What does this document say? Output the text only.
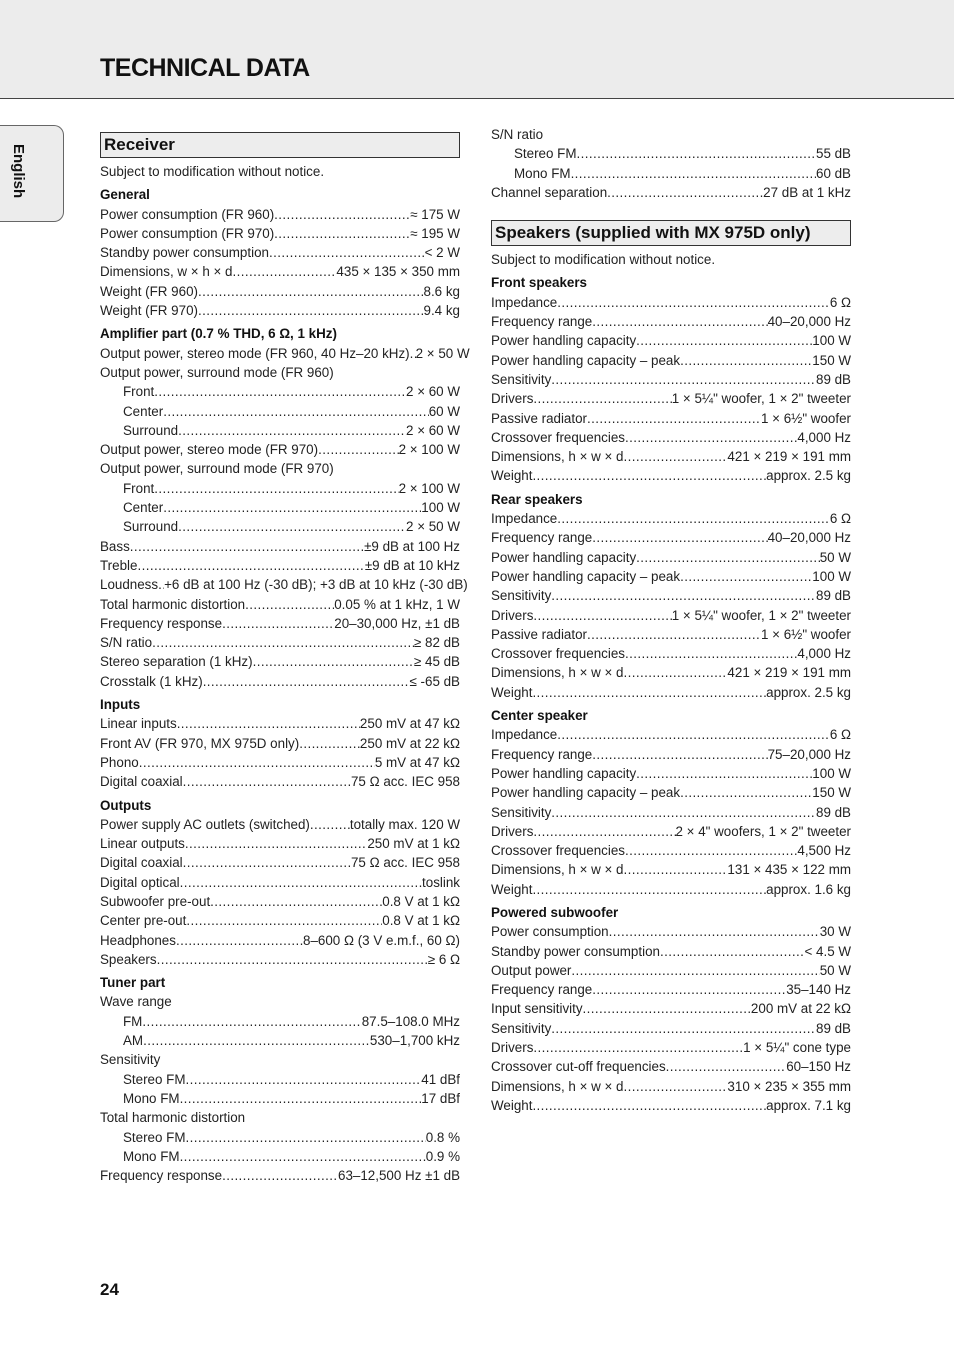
TECHNICAL DATA
English	Receiver
Subject to modification without notice.
General
Power consumption (FR 960) .....	≈ 175 W
Power consumption (FR 970) .....	≈ 195 W
Standby power consumption .....	< 2 W
Dimensions, w × h × d .....	435 × 135 × 350 mm
Weight (FR 960) .....	8.6 kg
Weight (FR 970) .....	9.4 kg
Amplifier part (0.7 % THD, 6 Ω, 1 kHz)
Output power, stereo mode (FR 960, 40 Hz–20 kHz) ..... 2 × 50 W
Output power, surround mode (FR 960)
Front .....	2 × 60 W
Center .....	60 W
Surround .....	2 × 60 W
Output power, stereo mode (FR 970) .....	2 × 100 W
Output power, surround mode (FR 970)
Front .....	2 × 100 W
Center .....	100 W
Surround .....	2 × 50 W
Bass .....	±9 dB at 100 Hz
Treble .....	±9 dB at 10 kHz
Loudness ..... +6 dB at 100 Hz (-30 dB); +3 dB at 10 kHz (-30 dB)
Total harmonic distortion .....	0.05 % at 1 kHz, 1 W
Frequency response .....	20–30,000 Hz, ±1 dB
S/N ratio .....	≥ 82 dB
Stereo separation (1 kHz) .....	≥ 45 dB
Crosstalk (1 kHz) .....	≤ -65 dB
Inputs
Linear inputs .....	250 mV at 47 kΩ
Front AV (FR 970, MX 975D only) .....	250 mV at 22 kΩ
Phono .....	5 mV at 47 kΩ
Digital coaxial .....	75 Ω acc. IEC 958
Outputs
Power supply AC outlets (switched) .....	totally max. 120 W
Linear outputs .....	250 mV at 1 kΩ
Digital coaxial .....	75 Ω acc. IEC 958
Digital optical .....	toslink
Subwoofer pre-out .....	0.8 V at 1 kΩ
Center pre-out .....	0.8 V at 1 kΩ
Headphones .....	8–600 Ω (3 V e.m.f., 60 Ω)
Speakers .....	≥ 6 Ω
Tuner part
Wave range
FM .....	87.5–108.0 MHz
AM .....	530–1,700 kHz
Sensitivity
Stereo FM .....	41 dBf
Mono FM .....	17 dBf
Total harmonic distortion
Stereo FM .....	0.8 %
Mono FM .....	0.9 %
Frequency response .....	63–12,500 Hz ±1 dB
S/N ratio
Stereo FM .....	55 dB
Mono FM .....	60 dB
Channel separation .....	27 dB at 1 kHz
Speakers (supplied with MX 975D only)
Subject to modification without notice.
Front speakers
Impedance .....	6 Ω
Frequency range .....	40–20,000 Hz
Power handling capacity .....	100 W
Power handling capacity – peak .....	150 W
Sensitivity .....	89 dB
Drivers .....	1 × 5¼" woofer, 1 × 2" tweeter
Passive radiator .....	1 × 6½" woofer
Crossover frequencies .....	4,000 Hz
Dimensions, h × w × d .....	421 × 219 × 191 mm
Weight .....	approx. 2.5 kg
Rear speakers
Impedance .....	6 Ω
Frequency range .....	40–20,000 Hz
Power handling capacity .....	50 W
Power handling capacity – peak .....	100 W
Sensitivity .....	89 dB
Drivers .....	1 × 5¼" woofer, 1 × 2" tweeter
Passive radiator .....	1 × 6½" woofer
Crossover frequencies .....	4,000 Hz
Dimensions, h × w × d .....	421 × 219 × 191 mm
Weight .....	approx. 2.5 kg
Center speaker
Impedance .....	6 Ω
Frequency range .....	75–20,000 Hz
Power handling capacity .....	100 W
Power handling capacity – peak .....	150 W
Sensitivity .....	89 dB
Drivers .....	2 × 4" woofers, 1 × 2" tweeter
Crossover frequencies .....	4,500 Hz
Dimensions, h × w × d .....	131 × 435 × 122 mm
Weight .....	approx. 1.6 kg
Powered subwoofer
Power consumption .....	30 W
Standby power consumption .....	< 4.5 W
Output power .....	50 W
Frequency range .....	35–140 Hz
Input sensitivity .....	200 mV at 22 kΩ
Sensitivity .....	89 dB
Drivers .....	1 × 5¼" cone type
Crossover cut-off frequencies .....	60–150 Hz
Dimensions, h × w × d .....	310 × 235 × 355 mm
Weight .....	approx. 7.1 kg
24
